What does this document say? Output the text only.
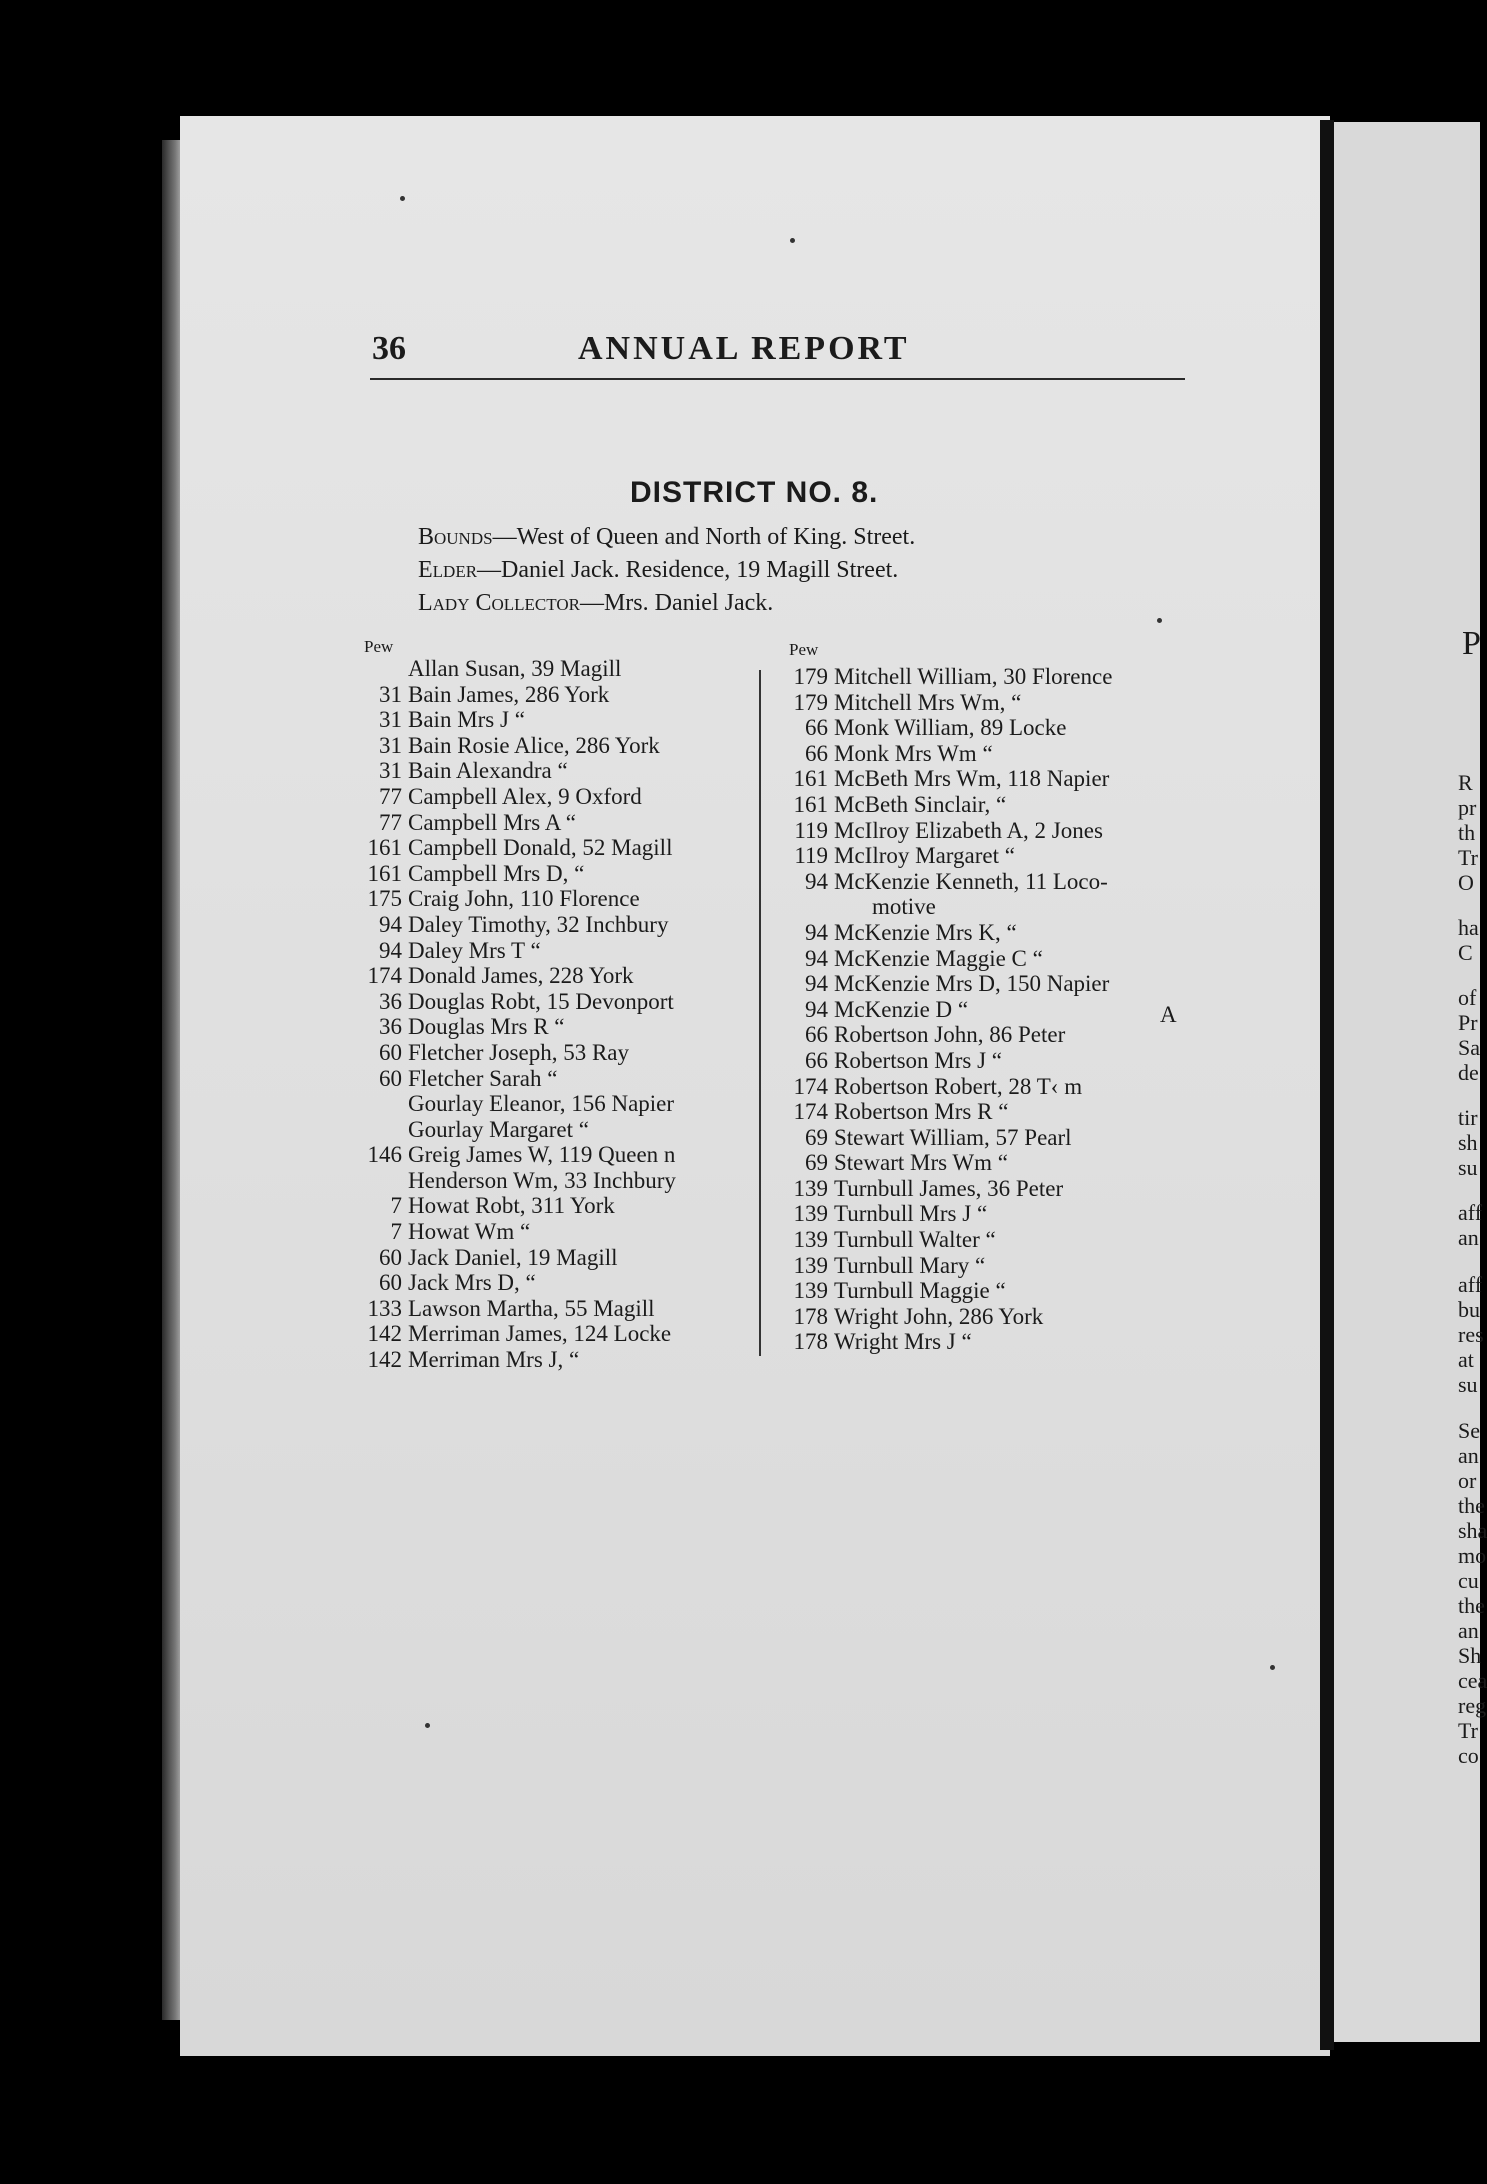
36	ANNUAL REPORT
DISTRICT NO. 8.
Bounds—West of Queen and North of King. Street.
Elder—Daniel Jack. Residence, 19 Magill Street.
Lady Collector—Mrs. Daniel Jack.
Pew	Pew
Allan Susan, 39 Magill
31 Bain James, 286 York
31 Bain Mrs J “
31 Bain Rosie Alice, 286 York
31 Bain Alexandra “
77 Campbell Alex, 9 Oxford
77 Campbell Mrs A “
161 Campbell Donald, 52 Magill
161 Campbell Mrs D, “
175 Craig John, 110 Florence
94 Daley Timothy, 32 Inchbury
94 Daley Mrs T “
174 Donald James, 228 York
36 Douglas Robt, 15 Devonport
36 Douglas Mrs R “
60 Fletcher Joseph, 53 Ray
60 Fletcher Sarah “
Gourlay Eleanor, 156 Napier
Gourlay Margaret “
146 Greig James W, 119 Queen n
Henderson Wm, 33 Inchbury
7 Howat Robt, 311 York
7 Howat Wm “
60 Jack Daniel, 19 Magill
60 Jack Mrs D, “
133 Lawson Martha, 55 Magill
142 Merriman James, 124 Locke
142 Merriman Mrs J, “
179 Mitchell William, 30 Florence
179 Mitchell Mrs Wm, “
66 Monk William, 89 Locke
66 Monk Mrs Wm “
161 McBeth Mrs Wm, 118 Napier
161 McBeth Sinclair, “
119 McIlroy Elizabeth A, 2 Jones
119 McIlroy Margaret “
94 McKenzie Kenneth, 11 Loco-
motive
94 McKenzie Mrs K, “
94 McKenzie Maggie C “
94 McKenzie Mrs D, 150 Napier
94 McKenzie D “
66 Robertson John, 86 Peter
66 Robertson Mrs J “
174 Robertson Robert, 28 T‹ m
174 Robertson Mrs R “
69 Stewart William, 57 Pearl
69 Stewart Mrs Wm “
139 Turnbull James, 36 Peter
139 Turnbull Mrs J “
139 Turnbull Walter “
139 Turnbull Mary “
139 Turnbull Maggie “
178 Wright John, 286 York
178 Wright Mrs J “
A
P
R
pr
th
Tr
O
ha
C
of
Pr
Sa
de
tir
sh
su
aff
an
aff
bu
res
at
su
Se
an
or
the
sha
mo
cu
the
an
Sh
cea
reg
Tr
co
